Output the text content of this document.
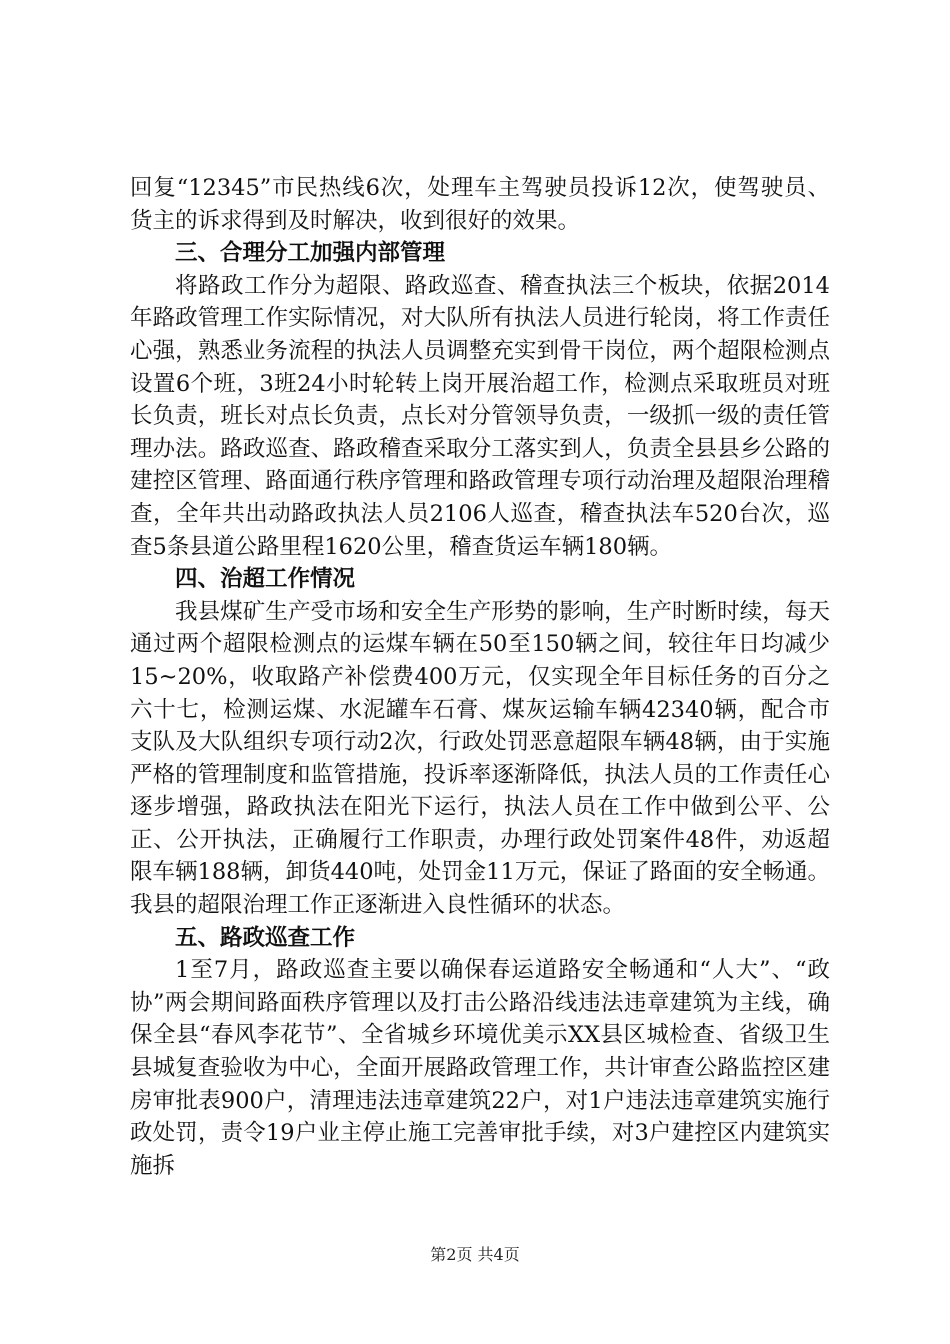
回复“12345”市民热线6次，处理车主驾驶员投诉12次，使驾驶员、货主的诉求得到及时解决，收到很好的效果。

三、合理分工加强内部管理

将路政工作分为超限、路政巡查、稽查执法三个板块，依据2014年路政管理工作实际情况，对大队所有执法人员进行轮岗，将工作责任心强，熟悉业务流程的执法人员调整充实到骨干岗位，两个超限检测点设置6个班，3班24小时轮转上岗开展治超工作，检测点采取班员对班长负责，班长对点长负责，点长对分管领导负责，一级抓一级的责任管理办法。路政巡查、路政稽查采取分工落实到人，负责全县县乡公路的建控区管理、路面通行秩序管理和路政管理专项行动治理及超限治理稽查，全年共出动路政执法人员2106人巡查，稽查执法车520台次，巡查5条县道公路里程1620公里，稽查货运车辆180辆。

四、治超工作情况

我县煤矿生产受市场和安全生产形势的影响，生产时断时续，每天通过两个超限检测点的运煤车辆在50至150辆之间，较往年日均减少15~20%，收取路产补偿费400万元，仅实现全年目标任务的百分之六十七，检测运煤、水泥罐车石膏、煤灰运输车辆42340辆，配合市支队及大队组织专项行动2次，行政处罚恶意超限车辆48辆，由于实施严格的管理制度和监管措施，投诉率逐渐降低，执法人员的工作责任心逐步增强，路政执法在阳光下运行，执法人员在工作中做到公平、公正、公开执法，正确履行工作职责，办理行政处罚案件48件，劝返超限车辆188辆，卸货440吨，处罚金11万元，保证了路面的安全畅通。我县的超限治理工作正逐渐进入良性循环的状态。

五、路政巡查工作

1至7月，路政巡查主要以确保春运道路安全畅通和“人大”、“政协”两会期间路面秩序管理以及打击公路沿线违法违章建筑为主线，确保全县“春风李花节”、全省城乡环境优美示XX县区城检查、省级卫生县城复查验收为中心，全面开展路政管理工作，共计审查公路监控区建房审批表900户，清理违法违章建筑22户，对1户违法违章建筑实施行政处罚，责令19户业主停止施工完善审批手续，对3户建控区内建筑实施拆

第2页 共4页
